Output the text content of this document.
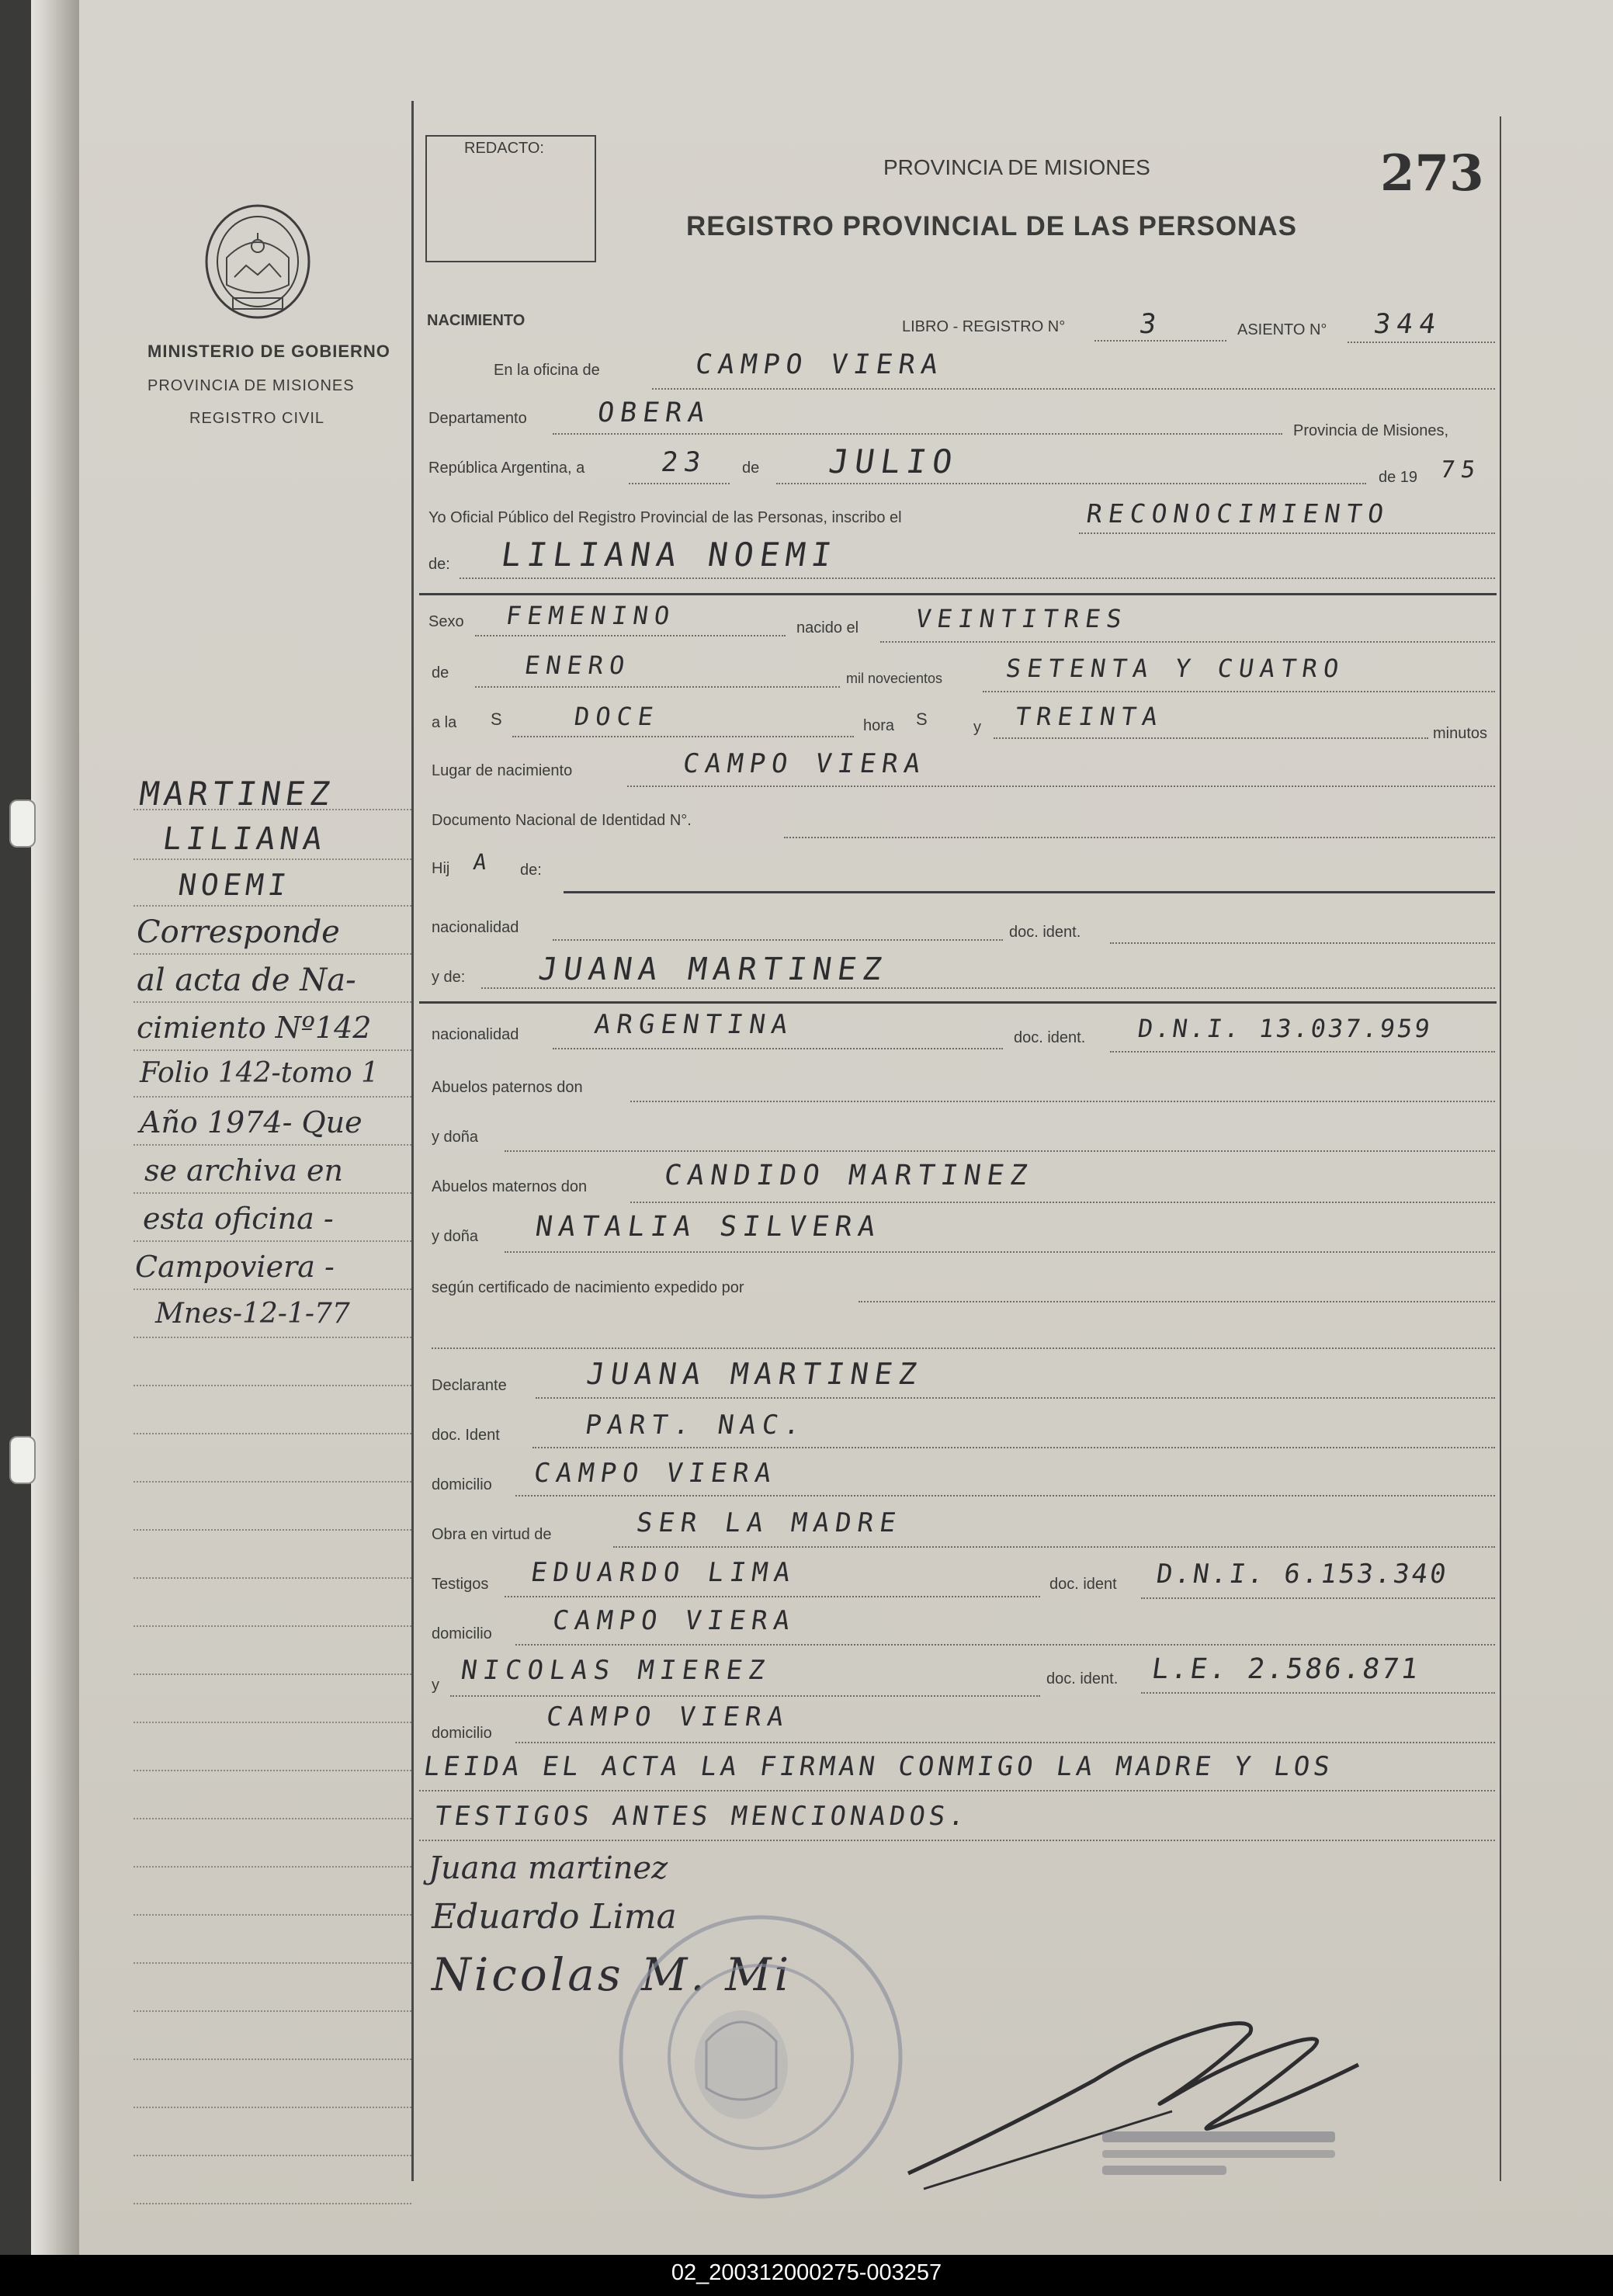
REDACTO:
PROVINCIA DE MISIONES
REGISTRO PROVINCIAL DE LAS PERSONAS
273
MINISTERIO DE GOBIERNO
PROVINCIA DE MISIONES
REGISTRO CIVIL
NACIMIENTO	LIBRO - REGISTRO N°	3	ASIENTO N° 344
En la oficina de	CAMPO VIERA
Departamento	OBERA
Provincia de Misiones,
República Argentina, a	23 de JULIO	de 19 75
Yo Oficial Público del Registro Provincial de las Personas, inscribo el	RECONOCIMIENTO
de: LILIANA NOEMI
Sexo FEMENINO	nacido el VEINTITRES
de	ENERO	mil novecientos SETENTA Y CUATRO
a la S	DOCE	hora S	y TREINTA
minutos
Lugar de nacimiento	CAMPO VIERA
Documento Nacional de Identidad N°.
Hij A de:
nacionalidad	doc. ident.
y de: JUANA MARTINEZ
nacionalidad	ARGENTINA	doc. ident. D.N.I. 13.037.959
Abuelos paternos don
y doña
Abuelos maternos don	CANDIDO MARTINEZ
y doña NATALIA SILVERA
según certificado de nacimiento expedido por
Declarante	JUANA MARTINEZ
doc. Ident	PART. NAC.
domicilio CAMPO VIERA
Obra en virtud de	SER LA MADRE
Testigos EDUARDO LIMA	doc. ident D.N.I. 6.153.340
domicilio CAMPO VIERA
y NICOLAS MIEREZ	doc. ident. L.E. 2.586.871
domicilio
CAMPO VIERA
LEIDA EL ACTA LA FIRMAN CONMIGO LA MADRE Y LOS
TESTIGOS ANTES MENCIONADOS.
Juana martinez
Eduardo Lima
Nicolas M. Mi
MARTINEZ
LILIANA
NOEMI
Corresponde
al acta de Na-
cimiento Nº142
Folio 142-tomo 1
Año 1974- Que
se archiva en
esta oficina -
Campoviera -
Mnes-12-1-77
02_200312000275-003257
